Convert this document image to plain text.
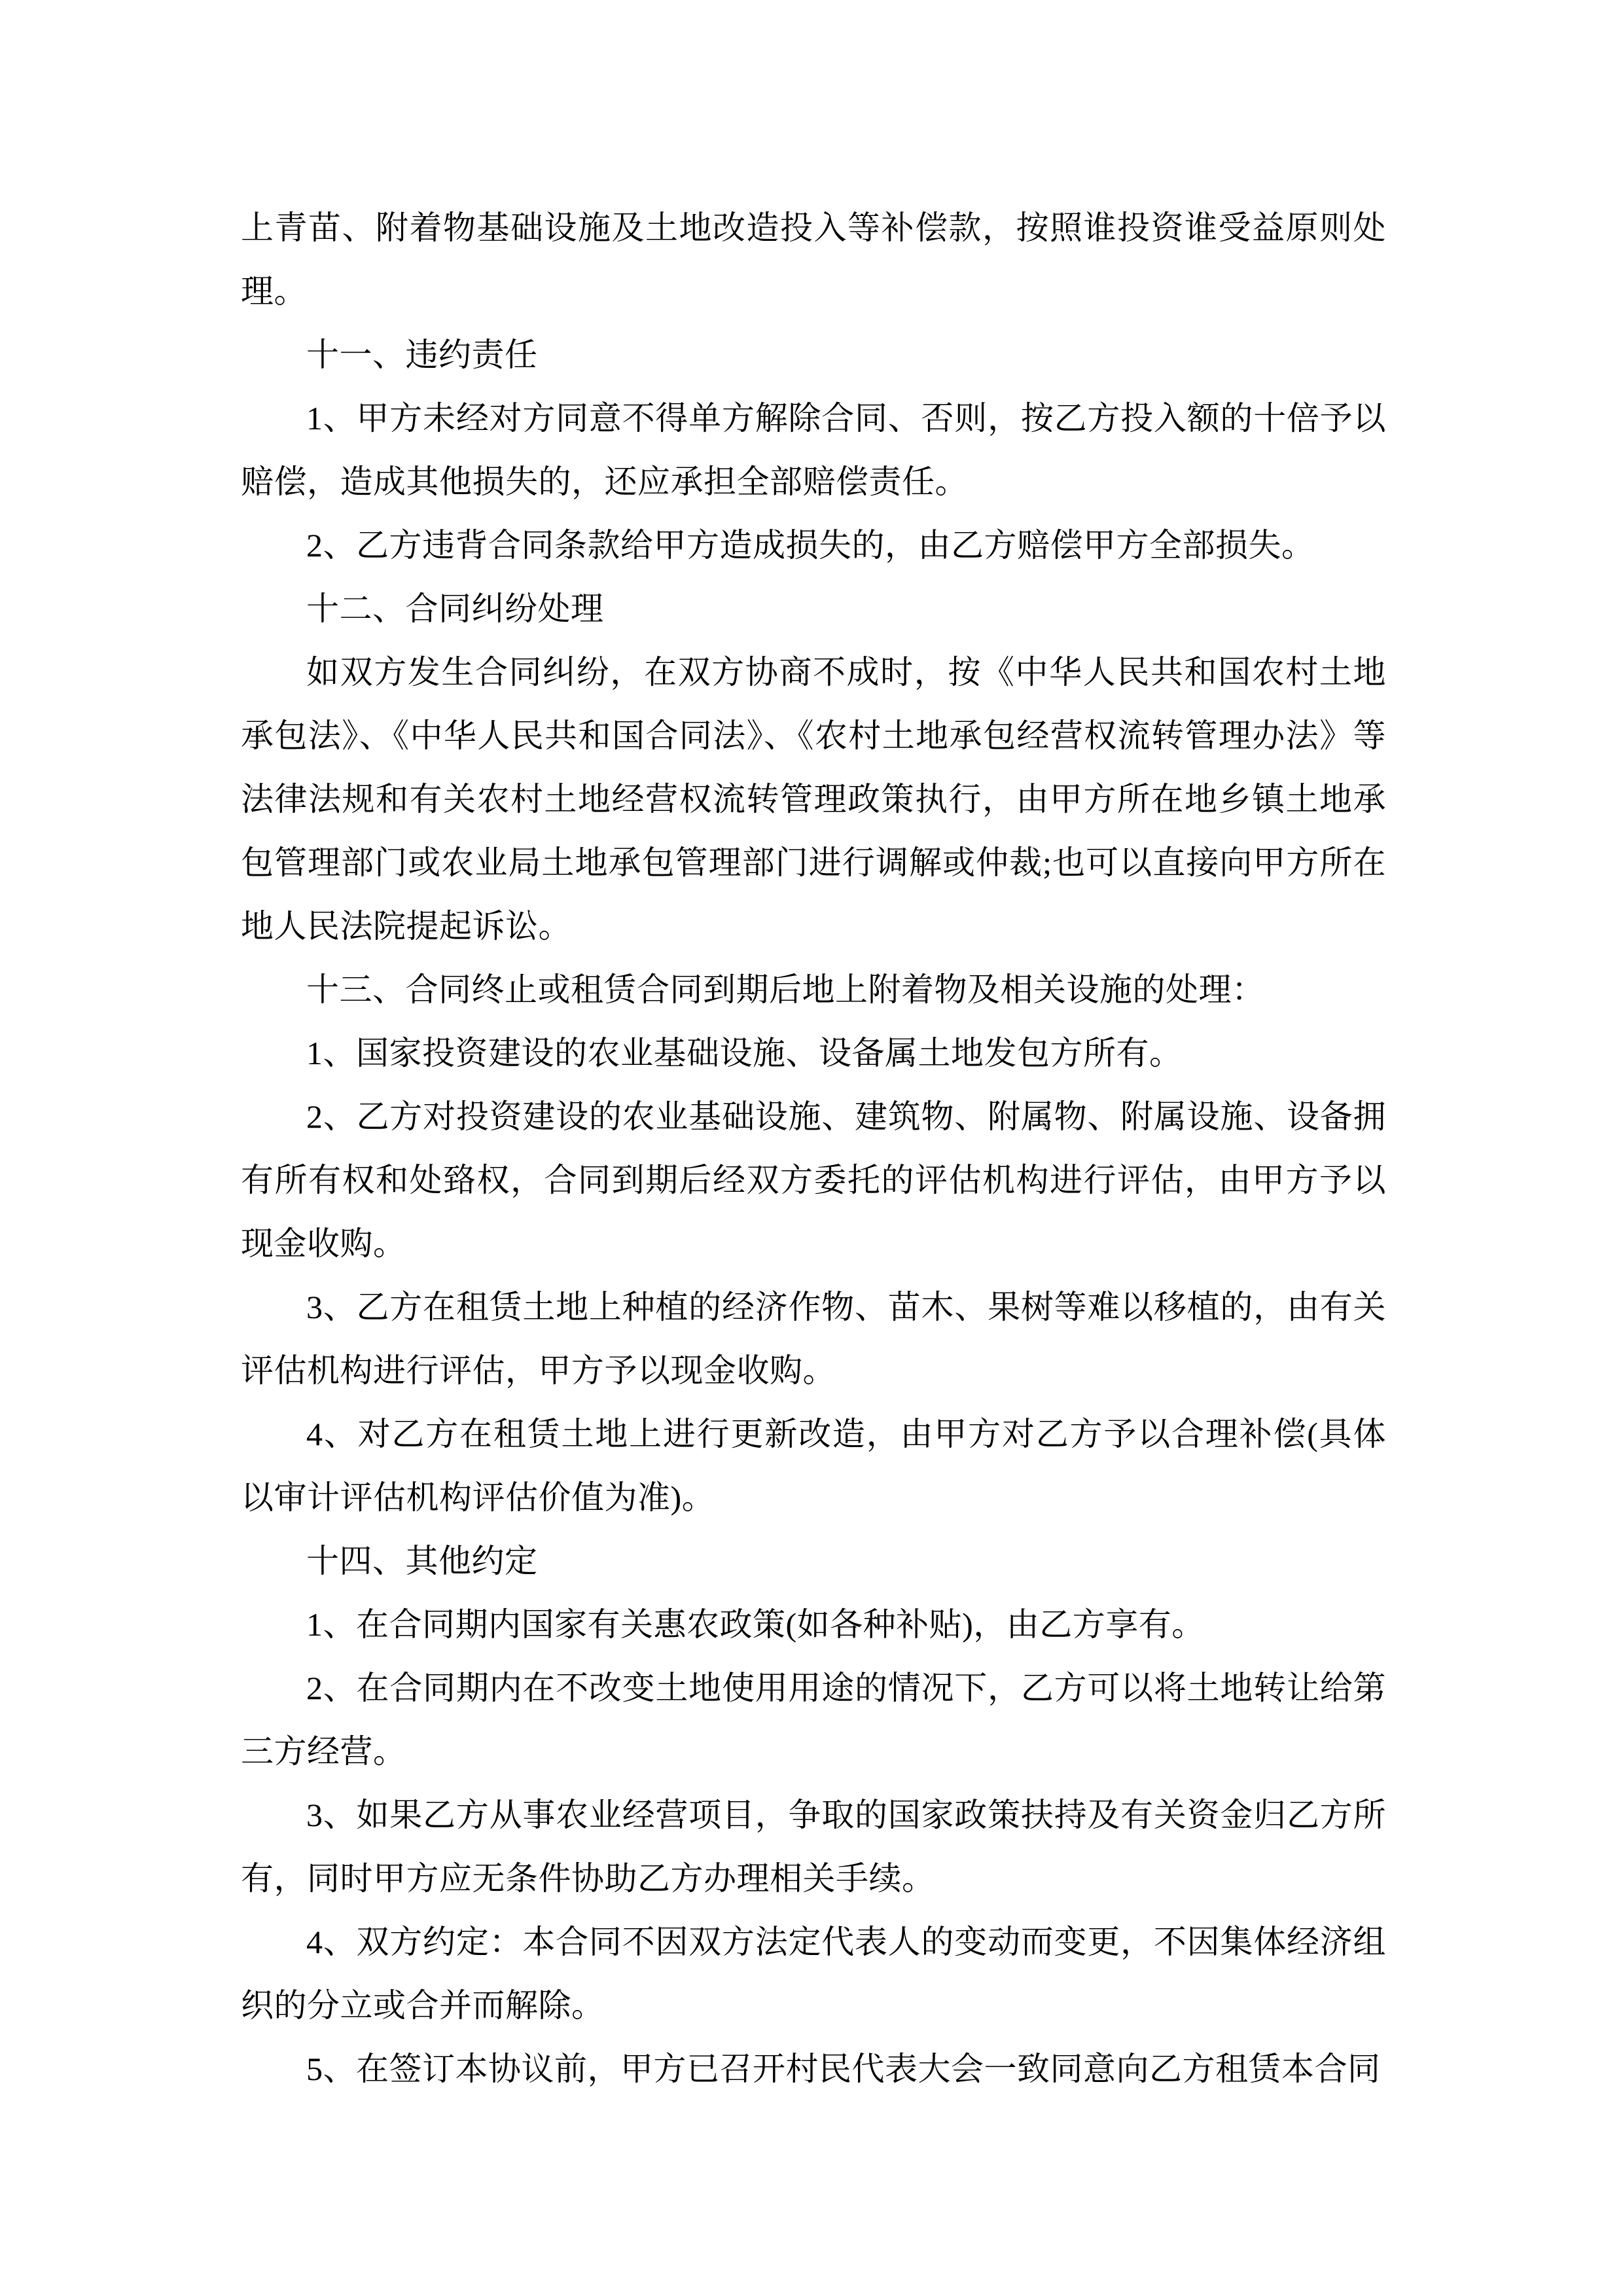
上青苗、附着物基础设施及土地改造投入等补偿款，按照谁投资谁受益原则处理。

十一、违约责任

1、甲方未经对方同意不得单方解除合同、否则，按乙方投入额的十倍予以赔偿，造成其他损失的，还应承担全部赔偿责任。

2、乙方违背合同条款给甲方造成损失的，由乙方赔偿甲方全部损失。

十二、合同纠纷处理

如双方发生合同纠纷，在双方协商不成时，按《中华人民共和国农村土地承包法》、《中华人民共和国合同法》、《农村土地承包经营权流转管理办法》等法律法规和有关农村土地经营权流转管理政策执行，由甲方所在地乡镇土地承包管理部门或农业局土地承包管理部门进行调解或仲裁;也可以直接向甲方所在地人民法院提起诉讼。

十三、合同终止或租赁合同到期后地上附着物及相关设施的处理：

1、国家投资建设的农业基础设施、设备属土地发包方所有。

2、乙方对投资建设的农业基础设施、建筑物、附属物、附属设施、设备拥有所有权和处臵权，合同到期后经双方委托的评估机构进行评估，由甲方予以现金收购。

3、乙方在租赁土地上种植的经济作物、苗木、果树等难以移植的，由有关评估机构进行评估，甲方予以现金收购。

4、对乙方在租赁土地上进行更新改造，由甲方对乙方予以合理补偿(具体以审计评估机构评估价值为准)。

十四、其他约定

1、在合同期内国家有关惠农政策(如各种补贴)，由乙方享有。

2、在合同期内在不改变土地使用用途的情况下，乙方可以将土地转让给第三方经营。

3、如果乙方从事农业经营项目，争取的国家政策扶持及有关资金归乙方所有，同时甲方应无条件协助乙方办理相关手续。

4、双方约定：本合同不因双方法定代表人的变动而变更，不因集体经济组织的分立或合并而解除。

5、在签订本协议前，甲方已召开村民代表大会一致同意向乙方租赁本合同
